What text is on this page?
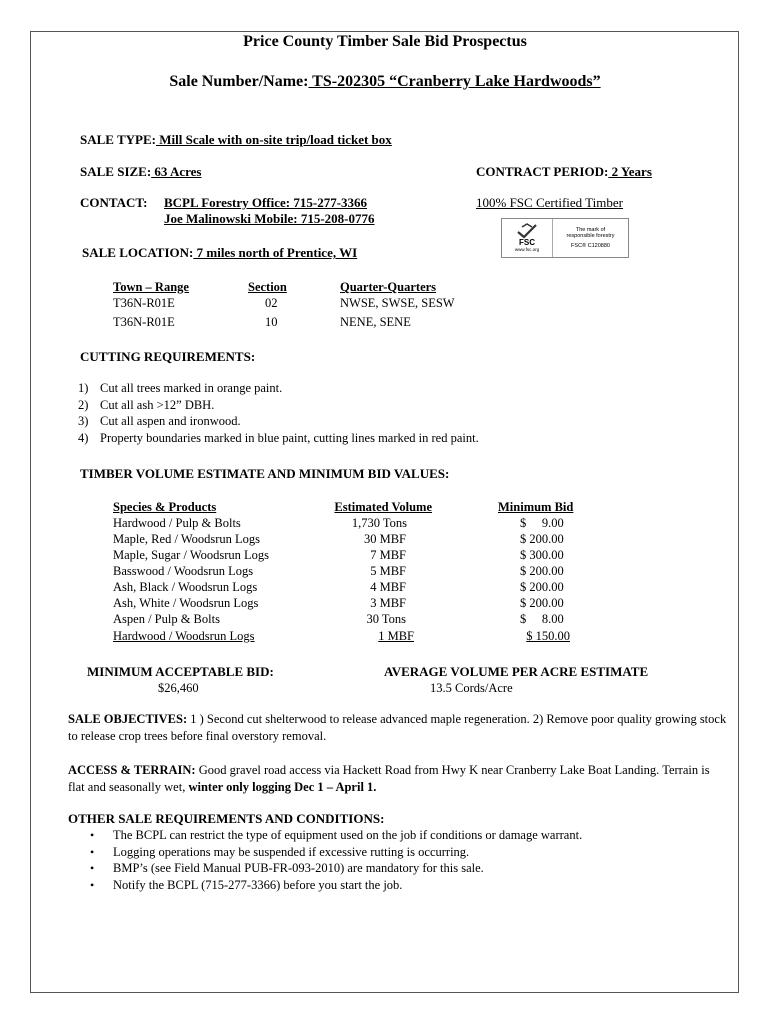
Price County Timber Sale Bid Prospectus
Sale Number/Name: TS-202305 “Cranberry Lake Hardwoods”
SALE TYPE: Mill Scale with on-site trip/load ticket box
SALE SIZE: 63 Acres	CONTRACT PERIOD: 2 Years
CONTACT: BCPL Forestry Office: 715-277-3366
Joe Malinowski Mobile: 715-208-0776
100% FSC Certified Timber
FSC
www.fsc.org
The mark of
responsible forestry
FSC® C120880
SALE LOCATION: 7 miles north of Prentice, WI
Town – Range	Section	Quarter-Quarters
T36N-R01E	02	NWSE, SWSE, SESW
T36N-R01E	10	NENE, SENE
CUTTING REQUIREMENTS:
1) Cut all trees marked in orange paint.
2) Cut all ash >12” DBH.
3) Cut all aspen and ironwood.
4) Property boundaries marked in blue paint, cutting lines marked in red paint.
TIMBER VOLUME ESTIMATE AND MINIMUM BID VALUES:
Species & Products	Estimated Volume	Minimum Bid
Hardwood / Pulp & Bolts	1,730 Tons	$     9.00
Maple, Red / Woodsrun Logs	30 MBF	$ 200.00
Maple, Sugar / Woodsrun Logs	7 MBF	$ 300.00
Basswood / Woodsrun Logs	5 MBF	$ 200.00
Ash, Black / Woodsrun Logs	4 MBF	$ 200.00
Ash, White / Woodsrun Logs	3 MBF	$ 200.00
Aspen / Pulp & Bolts	30 Tons	$     8.00
Hardwood / Woodsrun Logs	1 MBF	$ 150.00
MINIMUM ACCEPTABLE BID:
$26,460
AVERAGE VOLUME PER ACRE ESTIMATE
13.5 Cords/Acre
SALE OBJECTIVES: 1 ) Second cut shelterwood to release advanced maple regeneration. 2) Remove poor quality growing stock to release crop trees before final overstory removal.
ACCESS & TERRAIN: Good gravel road access via Hackett Road from Hwy K near Cranberry Lake Boat Landing. Terrain is flat and seasonally wet, winter only logging Dec 1 – April 1.
OTHER SALE REQUIREMENTS AND CONDITIONS:
• The BCPL can restrict the type of equipment used on the job if conditions or damage warrant.
• Logging operations may be suspended if excessive rutting is occurring.
• BMP’s (see Field Manual PUB-FR-093-2010) are mandatory for this sale.
• Notify the BCPL (715-277-3366) before you start the job.
